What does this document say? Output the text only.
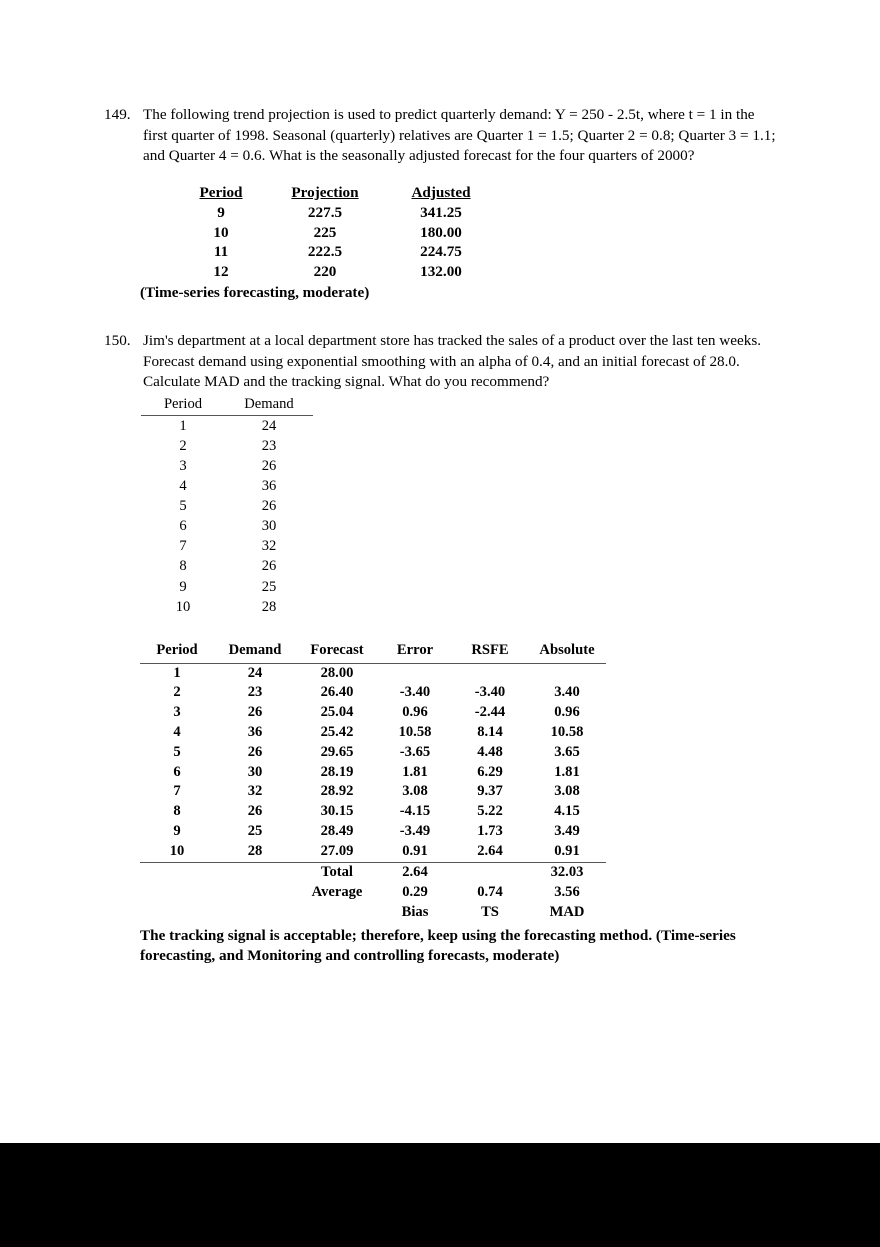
149. The following trend projection is used to predict quarterly demand: Y = 250 - 2.5t, where t = 1 in the first quarter of 1998. Seasonal (quarterly) relatives are Quarter 1 = 1.5; Quarter 2 = 0.8; Quarter 3 = 1.1; and Quarter 4 = 0.6. What is the seasonally adjusted forecast for the four quarters of 2000?
Period	Projection	Adjusted
9	227.5	341.25
10	225	180.00
11	222.5	224.75
12	220	132.00
(Time-series forecasting, moderate)
150. Jim's department at a local department store has tracked the sales of a product over the last ten weeks. Forecast demand using exponential smoothing with an alpha of 0.4, and an initial forecast of 28.0. Calculate MAD and the tracking signal. What do you recommend?
Period	Demand
1	24
2	23
3	26
4	36
5	26
6	30
7	32
8	26
9	25
10	28
Period	Demand	Forecast	Error	RSFE	Absolute
1	24	28.00			
2	23	26.40	-3.40	-3.40	3.40
3	26	25.04	0.96	-2.44	0.96
4	36	25.42	10.58	8.14	10.58
5	26	29.65	-3.65	4.48	3.65
6	30	28.19	1.81	6.29	1.81
7	32	28.92	3.08	9.37	3.08
8	26	30.15	-4.15	5.22	4.15
9	25	28.49	-3.49	1.73	3.49
10	28	27.09	0.91	2.64	0.91
		Total	2.64		32.03
		Average	0.29	0.74	3.56
			Bias	TS	MAD
The tracking signal is acceptable; therefore, keep using the forecasting method. (Time-series forecasting, and Monitoring and controlling forecasts, moderate)
